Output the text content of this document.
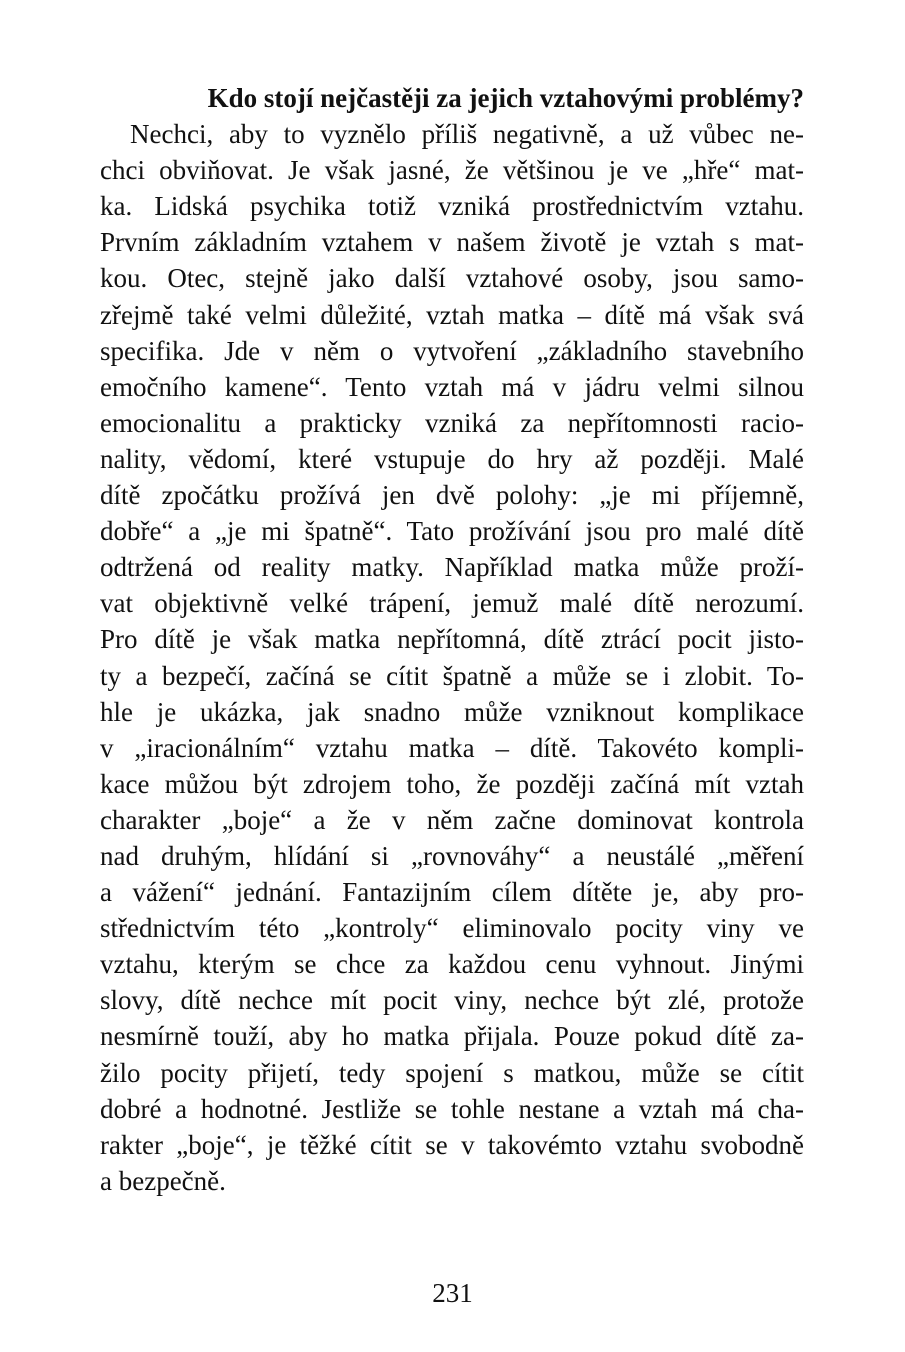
Kdo stojí nejčastěji za jejich vztahovými problémy?
Nechci, aby to vyznělo příliš negativně, a už vůbec ne-
chci obviňovat. Je však jasné, že většinou je ve „hře“ mat-
ka. Lidská psychika totiž vzniká prostřednictvím vztahu.
Prvním základním vztahem v našem životě je vztah s mat-
kou. Otec, stejně jako další vztahové osoby, jsou samo-
zřejmě také velmi důležité, vztah matka – dítě má však svá
specifika. Jde v něm o vytvoření „základního stavebního
emočního kamene“. Tento vztah má v jádru velmi silnou
emocionalitu a prakticky vzniká za nepřítomnosti racio-
nality, vědomí, které vstupuje do hry až později. Malé
dítě zpočátku prožívá jen dvě polohy: „je mi příjemně,
dobře“ a „je mi špatně“. Tato prožívání jsou pro malé dítě
odtržená od reality matky. Například matka může proží-
vat objektivně velké trápení, jemuž malé dítě nerozumí.
Pro dítě je však matka nepřítomná, dítě ztrácí pocit jisto-
ty a bezpečí, začíná se cítit špatně a může se i zlobit. To-
hle je ukázka, jak snadno může vzniknout komplikace
v „iracionálním“ vztahu matka – dítě. Takovéto kompli-
kace můžou být zdrojem toho, že později začíná mít vztah
charakter „boje“ a že v něm začne dominovat kontrola
nad druhým, hlídání si „rovnováhy“ a neustálé „měření
a vážení“ jednání. Fantazijním cílem dítěte je, aby pro-
střednictvím této „kontroly“ eliminovalo pocity viny ve
vztahu, kterým se chce za každou cenu vyhnout. Jinými
slovy, dítě nechce mít pocit viny, nechce být zlé, protože
nesmírně touží, aby ho matka přijala. Pouze pokud dítě za-
žilo pocity přijetí, tedy spojení s matkou, může se cítit
dobré a hodnotné. Jestliže se tohle nestane a vztah má cha-
rakter „boje“, je těžké cítit se v takovémto vztahu svobodně
a bezpečně.
231
